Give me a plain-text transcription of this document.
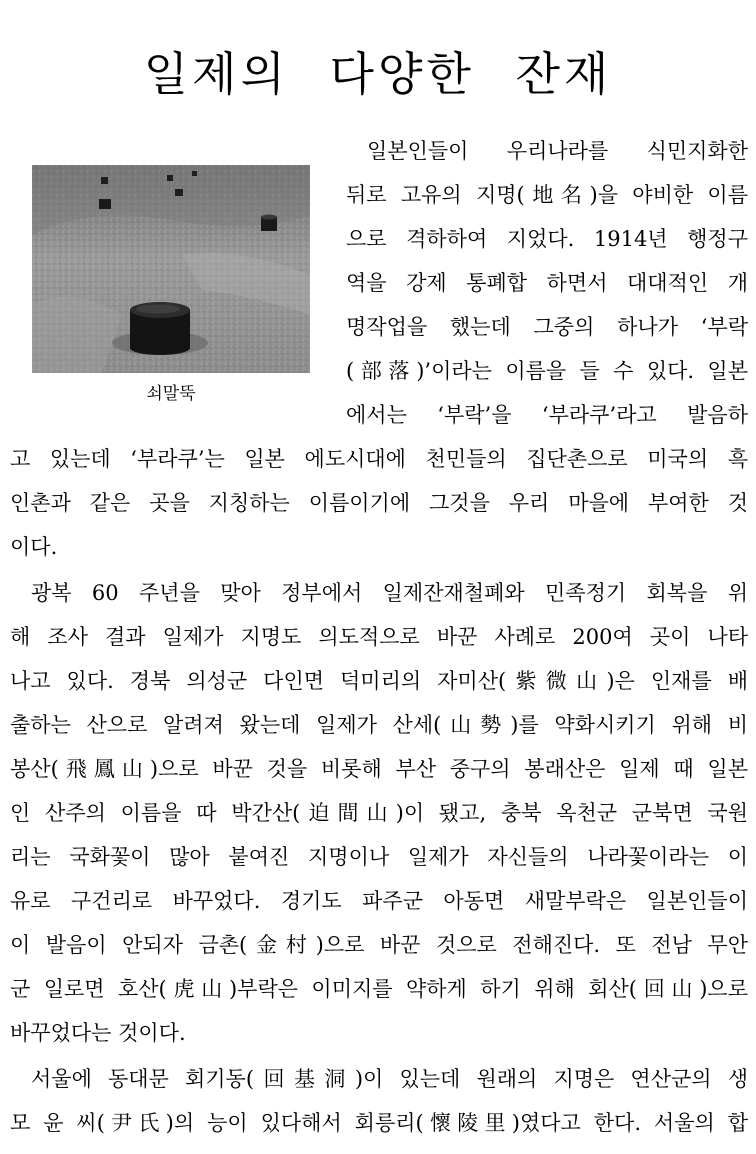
일제의 다양한 잔재
쇠말뚝
일본인들이 우리나라를 식민지화한
뒤로 고유의 지명(地名)을 야비한 이름
으로 격하하여 지었다. 1914년 행정구
역을 강제 통폐합 하면서 대대적인 개
명작업을 했는데 그중의 하나가 ‘부락
(部落)’이라는 이름을 들 수 있다. 일본
에서는 ‘부락’을 ‘부라쿠’라고 발음하
고 있는데 ‘부라쿠’는 일본 에도시대에 천민들의 집단촌으로 미국의 흑
인촌과 같은 곳을 지칭하는 이름이기에 그것을 우리 마을에 부여한 것
이다.
광복 60 주년을 맞아 정부에서 일제잔재철폐와 민족정기 회복을 위
해 조사 결과 일제가 지명도 의도적으로 바꾼 사례로 200여 곳이 나타
나고 있다. 경북 의성군 다인면 덕미리의 자미산(紫微山)은 인재를 배
출하는 산으로 알려져 왔는데 일제가 산세(山勢)를 약화시키기 위해 비
봉산(飛鳳山)으로 바꾼 것을 비롯해 부산 중구의 봉래산은 일제 때 일본
인 산주의 이름을 따 박간산(迫間山)이 됐고, 충북 옥천군 군북면 국원
리는 국화꽃이 많아 붙여진 지명이나 일제가 자신들의 나라꽃이라는 이
유로 구건리로 바꾸었다. 경기도 파주군 아동면 새말부락은 일본인들이
이 발음이 안되자 금촌(金村)으로 바꾼 것으로 전해진다. 또 전남 무안
군 일로면 호산(虎山)부락은 이미지를 약하게 하기 위해 회산(回山)으로
바꾸었다는 것이다.
서울에 동대문 회기동(回基洞)이 있는데 원래의 지명은 연산군의 생
모 윤 씨(尹氏)의 능이 있다해서 회릉리(懷陵里)였다고 한다. 서울의 합
